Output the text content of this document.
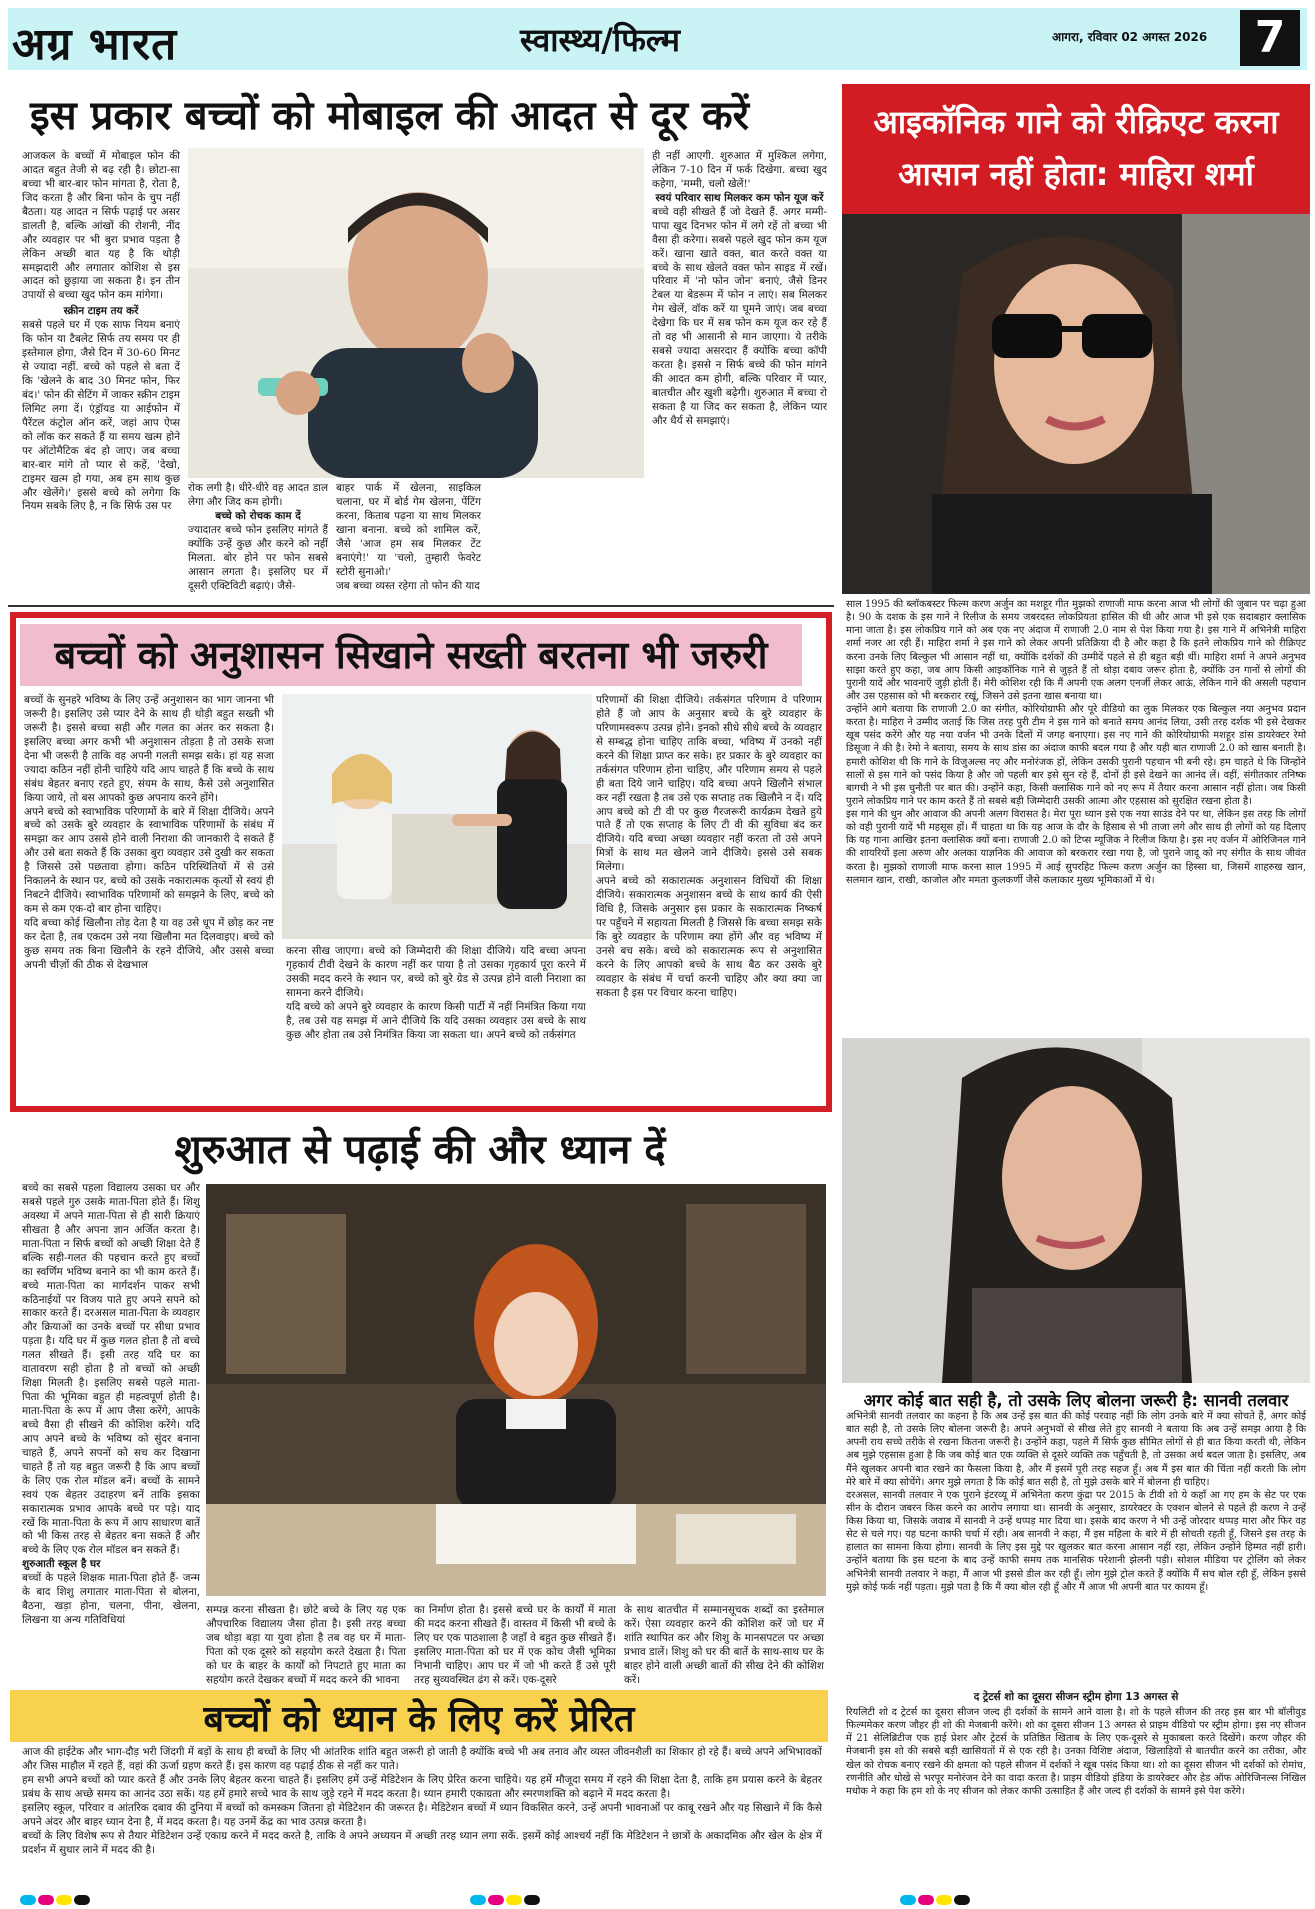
अग्र भारत	स्वास्थ्य/फिल्म	आगरा, रविवार 02 अगस्त 2026	7
इस प्रकार बच्चों को मोबाइल की आदत से दूर करें

आजकल के बच्चों में मोबाइल फोन की आदत बहुत तेजी से बढ़ रही है। छोटा-सा बच्चा भी बार-बार फोन मांगता है, रोता है, जिद करता है और बिना फोन के चुप नहीं बैठता। यह आदत न सिर्फ पढ़ाई पर असर डालती है, बल्कि आंखों की रोशनी, नींद और व्यवहार पर भी बुरा प्रभाव पड़ता है लेकिन अच्छी बात यह है कि थोड़ी समझदारी और लगातार कोशिश से इस आदत को छुड़ाया जा सकता है। इन तीन उपायों से बच्चा खुद फोन कम मांगेगा।

स्क्रीन टाइम तय करें

सबसे पहले घर में एक साफ नियम बनाएं कि फोन या टैबलेट सिर्फ तय समय पर ही इस्तेमाल होगा, जैसे दिन में 30-60 मिनट से ज्यादा नहीं. बच्चे को पहले से बता दें कि 'खेलने के बाद 30 मिनट फोन, फिर बंद।' फोन की सेटिंग में जाकर स्क्रीन टाइम लिमिट लगा दें। एंड्रॉयड या आईफोन में पैरेंटल कंट्रोल ऑन करें, जहां आप ऐप्स को लॉक कर सकते हैं या समय खत्म होने पर ऑटोमैटिक बंद हो जाए। जब बच्चा बार-बार मांगे तो प्यार से कहें, 'देखो, टाइमर खत्म हो गया, अब हम साथ कुछ और खेलेंगे।' इससे बच्चे को लगेगा कि नियम सबके लिए है, न कि सिर्फ उस पर

रोक लगी है। धीरे-धीरे वह आदत डाल लेगा और जिद कम होगी।

बच्चे को रोचक काम दें

ज्यादातर बच्चे फोन इसलिए मांगते हैं क्योंकि उन्हें कुछ और करने को नहीं मिलता. बोर होने पर फोन सबसे आसान लगता है। इसलिए घर में दूसरी एक्टिविटी बढ़ाएं। जैसे-

बाहर पार्क में खेलना, साइकिल चलाना, घर में बोर्ड गेम खेलना, पेंटिंग करना, किताब पढ़ना या साथ मिलकर खाना बनाना. बच्चे को शामिल करें, जैसे 'आज हम सब मिलकर टेंट बनाएंगे!' या 'चलो, तुम्हारी फेवरेट स्टोरी सुनाओ।'

जब बच्चा व्यस्त रहेगा तो फोन की याद

ही नहीं आएगी. शुरुआत में मुश्किल लगेगा, लेकिन 7-10 दिन में फर्क दिखेगा. बच्चा खुद कहेगा, 'मम्मी, चलो खेलें!'

स्वयं परिवार साथ मिलकर कम फोन यूज करें

बच्चे वही सीखते हैं जो देखते हैं. अगर मम्मी-पापा खुद दिनभर फोन में लगे रहें तो बच्चा भी वैसा ही करेगा। सबसे पहले खुद फोन कम यूज करें। खाना खाते वक्त, बात करते वक्त या बच्चे के साथ खेलते वक्त फोन साइड में रखें। परिवार में 'नो फोन जोन' बनाएं, जैसे डिनर टेबल या बेडरूम में फोन न लाएं। सब मिलकर गेम खेलें, वॉक करें या घूमने जाएं। जब बच्चा देखेगा कि घर में सब फोन कम यूज कर रहे हैं तो वह भी आसानी से मान जाएगा। ये तरीके सबसे ज्यादा असरदार हैं क्योंकि बच्चा कॉपी करता है। इससे न सिर्फ बच्चे की फोन मांगने की आदत कम होगी, बल्कि परिवार में प्यार, बातचीत और खुशी बढ़ेगी। शुरुआत में बच्चा रो सकता है या जिद कर सकता है, लेकिन प्यार और धैर्य से समझाएं।

बच्चों को अनुशासन सिखाने सख्ती बरतना भी जरुरी

बच्चों के सुनहरे भविष्य के लिए उन्हें अनुशासन का भाग जानना भी जरूरी है। इसलिए उसे प्यार देने के साथ ही थोड़ी बहुत सख्ती भी जरूरी है। इससे बच्चा सही और गलत का अंतर कर सकता है। इसलिए बच्चा अगर कभी भी अनुशासन तोड़ता है तो उसके सजा देना भी जरूरी है ताकि वह अपनी गलती समझ सके। हां यह सजा ज्यादा कठिन नहीं होनी चाहिये यदि आप चाहते हैं कि बच्चे के साथ संबंध बेहतर बनाए रहते हुए, संयम के साथ, कैसे उसे अनुशासित किया जाये, तो बस आपको कुछ अपनाय करने होंगे।

अपने बच्चे को स्वाभाविक परिणामों के बारे में शिक्षा दीजिये। अपने बच्चे को उसके बुरे व्यवहार के स्वाभाविक परिणामों के संबंध में समझा कर आप उससे होने वाली निराशा की जानकारी दे सकते हैं और उसे बता सकते हैं कि उसका बुरा व्यवहार उसे दुखी कर सकता है जिससे उसे पछतावा होगा। कठिन परिस्थितियों में से उसे निकालने के स्थान पर, बच्चे को उसके नकारात्मक कृत्यों से स्वयं ही निबटने दीजिये। स्वाभाविक परिणामों को समझने के लिए, बच्चे को कम से कम एक-दो बार होना चाहिए।

यदि बच्चा कोई खिलौना तोड़ देता है या वह उसे धूप में छोड़ कर नष्ट कर देता है, तब एकदम उसे नया खिलौना मत दिलवाइए। बच्चे को कुछ समय तक बिना खिलौने के रहने दीजिये, और उससे बच्चा अपनी चीज़ों की ठीक से देखभाल

करना सीख जाएगा। बच्चे को जिम्मेदारी की शिक्षा दीजिये। यदि बच्चा अपना गृहकार्य टीवी देखने के कारण नहीं कर पाया है तो उसका गृहकार्य पूरा करने में उसकी मदद करने के स्थान पर, बच्चे को बुरे ग्रेड से उत्पन्न होने वाली निराशा का सामना करने दीजिये।

यदि बच्चे को अपने बुरे व्यवहार के कारण किसी पार्टी में नहीं निमंत्रित किया गया है, तब उसे यह समझ में आने दीजिये कि यदि उसका व्यवहार उस बच्चे के साथ कुछ और होता तब उसे निमंत्रित किया जा सकता था। अपने बच्चे को तर्कसंगत

परिणामों की शिक्षा दीजिये। तर्कसंगत परिणाम वे परिणाम होते हैं जो आप के अनुसार बच्चे के बुरे व्यवहार के परिणामस्वरूप उत्पन्न होने। इनको सीधे सीधे बच्चे के व्यवहार से सम्बद्ध होना चाहिए ताकि बच्चा, भविष्य में उनको नहीं करने की शिक्षा प्राप्त कर सके। हर प्रकार के बुरे व्यवहार का तर्कसंगत परिणाम होना चाहिए, और परिणाम समय से पहले ही बता दिये जाने चाहिए। यदि बच्चा अपने खिलौने संभाल कर नहीं रखता है तब उसे एक सप्ताह तक खिलौने न दें। यदि आप बच्चे को टी वी पर कुछ गैरजरूरी कार्यक्रम देखते हुये पाते हैं तो एक सप्ताह के लिए टी वी की सुविधा बंद कर दीजिये। यदि बच्चा अच्छा व्यवहार नहीं करता तो उसे अपने मित्रों के साथ मत खेलने जाने दीजिये। इससे उसे सबक मिलेगा।

अपने बच्चे को सकारात्मक अनुशासन विधियों की शिक्षा दीजिये। सकारात्मक अनुशासन बच्चे के साथ कार्य की ऐसी विधि है, जिसके अनुसार इस प्रकार के सकारात्मक निष्कर्ष पर पहुँचने में सहायता मिलती है जिससे कि बच्चा समझ सके कि बुरे व्यवहार के परिणाम क्या होंगे और वह भविष्य में उनसे बच सके। बच्चे को सकारात्मक रूप से अनुशासित करने के लिए आपको बच्चे के साथ बैठ कर उसके बुरे व्यवहार के संबंध में चर्चा करनी चाहिए और क्या क्या जा सकता है इस पर विचार करना चाहिए।

शुरुआत से पढ़ाई की और ध्यान दें

बच्चे का सबसे पहला विद्यालय उसका घर और सबसे पहले गुरु उसके माता-पिता होते हैं। शिशु अवस्था में अपने माता-पिता से ही सारी क्रियाएं सीखता है और अपना ज्ञान अर्जित करता है। माता-पिता न सिर्फ बच्चों को अच्छी शिक्षा देते हैं बल्कि सही-गलत की पहचान करते हुए बच्चों का स्वर्णिम भविष्य बनाने का भी काम करते हैं। बच्चे माता-पिता का मार्गदर्शन पाकर सभी कठिनाईयों पर विजय पाते हुए अपने सपने को साकार करते हैं। दरअसल माता-पिता के व्यवहार और क्रियाओं का उनके बच्चों पर सीधा प्रभाव पड़ता है। यदि घर में कुछ गलत होता है तो बच्चे गलत सीखते हैं। इसी तरह यदि घर का वातावरण सही होता है तो बच्चों को अच्छी शिक्षा मिलती है। इसलिए सबसे पहले माता-पिता की भूमिका बहुत ही महत्वपूर्ण होती है। माता-पिता के रूप में आप जैसा करेंगे, आपके बच्चे वैसा ही सीखने की कोशिश करेंगे। यदि आप अपने बच्चे के भविष्य को सुंदर बनाना चाहते हैं, अपने सपनों को सच कर दिखाना चाहते हैं तो यह बहुत जरूरी है कि आप बच्चों के लिए एक रोल मॉडल बनें। बच्चों के सामने स्वयं एक बेहतर उदाहरण बनें ताकि इसका सकारात्मक प्रभाव आपके बच्चे पर पड़े। याद रखें कि माता-पिता के रूप में आप साधारण बातें को भी किस तरह से बेहतर बना सकते हैं और बच्चे के लिए एक रोल मॉडल बन सकते हैं।

शुरुआती स्कूल है घर

बच्चों के पहले शिक्षक माता-पिता होते हैं- जन्म के बाद शिशु लगातार माता-पिता से बोलना, बैठना, खड़ा होना, चलना, पीना, खेलना, लिखना या अन्य गतिविधियां

सम्पन्न करना सीखता है। छोटे बच्चे के लिए यह एक औपचारिक विद्यालय जैसा होता है। इसी तरह बच्चा जब थोड़ा बड़ा या युवा होता है तब वह घर में माता-पिता को एक दूसरे को सहयोग करते देखता है। पिता को घर के बाहर के कार्यों को निपटाते हुए माता का सहयोग करते देखकर बच्चों में मदद करने की भावना

का निर्माण होता है। इससे बच्चे घर के कार्यों में माता की मदद करना सीखते हैं। वास्तव में किसी भी बच्चे के लिए घर एक पाठशाला है जहाँ वे बहुत कुछ सीखते हैं। इसलिए माता-पिता को घर में एक कोच जैसी भूमिका निभानी चाहिए। आप घर में जो भी करते हैं उसे पूरी तरह सुव्यवस्थित ढंग से करें। एक-दूसरे

के साथ बातचीत में सम्मानसूचक शब्दों का इस्तेमाल करें। ऐसा व्यवहार करने की कोशिश करें जो घर में शांति स्थापित कर और शिशु के मानसपटल पर अच्छा प्रभाव डालें। शिशु को घर की बातें के साथ-साथ घर के बाहर होने वाली अच्छी बातों की सीख देने की कोशिश करें।

बच्चों को ध्यान के लिए करें प्रेरित

आज की हाईटेक और भाग-दौड़ भरी जिंदगी में बड़ों के साथ ही बच्चों के लिए भी आंतरिक शांति बहुत जरूरी हो जाती है क्योंकि बच्चे भी अब तनाव और व्यस्त जीवनशैली का शिकार हो रहे हैं। बच्चे अपने अभिभावकों और जिस माहौल में रहते हैं, वहां की ऊर्जा ग्रहण करते हैं। इस कारण वह पढ़ाई ठीक से नहीं कर पाते।

हम सभी अपने बच्चों को प्यार करते हैं और उनके लिए बेहतर करना चाहते हैं। इसलिए हमें उन्हें मेडिटेशन के लिए प्रेरित करना चाहिये। यह हमें मौजूदा समय में रहने की शिक्षा देता है, ताकि हम प्रयास करने के बेहतर प्रबंध के साथ अच्छे समय का आनंद उठा सकें। यह हमें हमारे सच्चे भाव के साथ जुड़े रहने में मदद करता है। ध्यान हमारी एकाग्रता और स्मरणशक्ति को बढ़ाने में मदद करता है।

इसलिए स्कूल, परिवार व आंतरिक दबाव की दुनिया में बच्चों को कमस्कम जितना हो मेडिटेशन की जरूरत है। मेडिटेशन बच्चों में ध्यान विकसित करने, उन्हें अपनी भावनाओं पर काबू रखने और यह सिखाने में कि कैसे अपने अंदर और बाहर ध्यान देना है, में मदद करता है। यह उनमें केंद्र का भाव उत्पन्न करता है।

बच्चों के लिए विशेष रूप से तैयार मेडिटेशन उन्हें एकाग्र करने में मदद करते है, ताकि वे अपने अध्ययन में अच्छी तरह ध्यान लगा सकें. इसमें कोई आश्चर्य नहीं कि मेडिटेशन ने छात्रों के अकादमिक और खेल के क्षेत्र में प्रदर्शन में सुधार लाने में मदद की है।

आइकॉनिक गाने को रीक्रिएट करना आसान नहीं होता: माहिरा शर्मा

साल 1995 की ब्लॉकबस्टर फिल्म करण अर्जुन का मशहूर गीत मुझको राणाजी माफ करना आज भी लोगों की जुबान पर चढ़ा हुआ है। 90 के दशक के इस गाने ने रिलीज के समय जबरदस्त लोकप्रियता हासिल की थी और आज भी इसे एक सदाबहार क्लासिक माना जाता है। इस लोकप्रिय गाने को अब एक नए अंदाज में राणाजी 2.0 नाम से पेश किया गया है। इस गाने में अभिनेत्री माहिरा शर्मा नजर आ रही हैं। माहिरा शर्मा ने इस गाने को लेकर अपनी प्रतिक्रिया दी है और कहा है कि इतने लोकप्रिय गाने को रीक्रिएट करना उनके लिए बिल्कुल भी आसान नहीं था, क्योंकि दर्शकों की उम्मीदें पहले से ही बहुत बड़ी थीं। माहिरा शर्मा ने अपने अनुभव साझा करते हुए कहा, जब आप किसी आइकॉनिक गाने से जुड़ते हैं तो थोड़ा दबाव जरूर होता है, क्योंकि उन गानों से लोगों की पुरानी यादें और भावनाएँ जुड़ी होती हैं। मेरी कोशिश रही कि मैं अपनी एक अलग एनर्जी लेकर आऊं, लेकिन गाने की असली पहचान और उस एहसास को भी बरकरार रखूं, जिसने उसे इतना खास बनाया था।

उन्होंने आगे बताया कि राणाजी 2.0 का संगीत, कोरियोग्राफी और पूरे वीडियो का लुक मिलकर एक बिल्कुल नया अनुभव प्रदान करता है। माहिरा ने उम्मीद जताई कि जिस तरह पुरी टीम ने इस गाने को बनाते समय आनंद लिया, उसी तरह दर्शक भी इसे देखकर खूब पसंद करेंगे और यह नया वर्जन भी उनके दिलों में जगह बनाएगा। इस नए गाने की कोरियोग्राफी मशहूर डांस डायरेक्टर रेमो डिसूजा ने की है। रेमो ने बताया, समय के साथ डांस का अंदाज काफी बदल गया है और यही बात राणाजी 2.0 को खास बनाती है। हमारी कोशिश थी कि गाने के विजुअल्स नए और मनोरंजक हों, लेकिन उसकी पुरानी पहचान भी बनी रहे। हम चाहते थे कि जिन्होंने सालों से इस गाने को पसंद किया है और जो पहली बार इसे सुन रहे हैं, दोनों ही इसे देखने का आनंद लें। वहीं, संगीतकार तनिष्क बागची ने भी इस चुनौती पर बात की। उन्होंने कहा, किसी क्लासिक गाने को नए रूप में तैयार करना आसान नहीं होता। जब किसी पुराने लोकप्रिय गाने पर काम करते हैं तो सबसे बड़ी जिम्मेदारी उसकी आत्मा और एहसास को सुरक्षित रखना होता है।

इस गाने की धुन और आवाज की अपनी अलग विरासत है। मेरा पूरा ध्यान इसे एक नया साउंड देने पर था, लेकिन इस तरह कि लोगों को वही पुरानी यादें भी महसूस हों। मैं चाहता था कि यह आज के दौर के हिसाब से भी ताजा लगे और साथ ही लोगों को यह दिलाए कि यह गाना आखिर इतना क्लासिक क्यों बना। राणाजी 2.0 को टिप्स म्यूजिक ने रिलीज किया है। इस नए वर्जन में ओरिजिनल गाने की शायरियों इला अरुण और अलका याज्ञनिक की आवाज को बरकरार रखा गया है, जो पुराने जादू को नए संगीत के साथ जीवंत करता है। मुझको राणाजी माफ करना साल 1995 में आई सुपरहिट फिल्म करण अर्जुन का हिस्सा था, जिसमें शाहरुख खान, सलमान खान, राखी, काजोल और ममता कुलकर्णी जैसे कलाकार मुख्य भूमिकाओं में थे।

अगर कोई बात सही है, तो उसके लिए बोलना जरूरी है: सानवी तलवार

अभिनेत्री सानवी तलवार का कहना है कि अब उन्हें इस बात की कोई परवाह नहीं कि लोग उनके बारे में क्या सोचते हैं, अगर कोई बात सही है, तो उसके लिए बोलना जरूरी है। अपने अनुभवों से सीख लेते हुए सानवी ने बताया कि अब उन्हें समझ आया है कि अपनी राय सच्चे तरीके से रखना कितना जरूरी है। उन्होंने कहा, पहले मैं सिर्फ कुछ सीमित लोगों से ही बात किया करती थी, लेकिन अब मुझे एहसास हुआ है कि जब कोई बात एक व्यक्ति से दूसरे व्यक्ति तक पहुँचती है, तो उसका अर्थ बदल जाता है। इसलिए, अब मैंने खुलकर अपनी बात रखने का फैसला किया है, और मैं इसमें पूरी तरह सहज हूँ। अब मैं इस बात की चिंता नहीं करती कि लोग मेरे बारे में क्या सोचेंगे। अगर मुझे लगता है कि कोई बात सही है, तो मुझे उसके बारे में बोलना ही चाहिए।

दरअसल, सानवी तलवार ने एक पुराने इंटरव्यू में अभिनेता करण कुंद्रा पर 2015 के टीवी शो ये कहाँ आ गए हम के सेट पर एक सीन के दौरान जबरन किस करने का आरोप लगाया था। सानवी के अनुसार, डायरेक्टर के एक्शन बोलने से पहले ही करण ने उन्हें किस किया था, जिसके जवाब में सानवी ने उन्हें थप्पड़ मार दिया था। इसके बाद करण ने भी उन्हें जोरदार थप्पड़ मारा और फिर वह सेट से चले गए। यह घटना काफी चर्चा में रही। अब सानवी ने कहा, मैं इस महिला के बारे में ही सोचती रहती हूँ, जिसने इस तरह के हालात का सामना किया होगा। सानवी के लिए इस मुद्दे पर खुलकर बात करना आसान नहीं रहा, लेकिन उन्होंने हिम्मत नहीं हारी। उन्होंने बताया कि इस घटना के बाद उन्हें काफी समय तक मानसिक परेशानी झेलनी पड़ी। सोशल मीडिया पर ट्रोलिंग को लेकर अभिनेत्री सानवी तलवार ने कहा, मैं आज भी इससे डील कर रही हूँ। लोग मुझे ट्रोल करते हैं क्योंकि मैं सच बोल रही हूँ, लेकिन इससे मुझे कोई फर्क नहीं पड़ता। मुझे पता है कि मैं क्या बोल रही हूँ और मैं आज भी अपनी बात पर कायम हूँ।

द ट्रेटर्स शो का दूसरा सीजन स्ट्रीम होगा 13 अगस्त से

रियलिटी शो द ट्रेटर्स का दूसरा सीजन जल्द ही दर्शकों के सामने आने वाला है। शो के पहले सीजन की तरह इस बार भी बॉलीवुड फिल्ममेकर करण जौहर ही शो की मेजबानी करेंगे। शो का दूसरा सीजन 13 अगस्त से प्राइम वीडियो पर स्ट्रीम होगा। इस नए सीजन में 21 सेलिब्रिटीज एक हाई प्रेशर और ट्रेटर्स के प्रतिष्ठित खिताब के लिए एक-दूसरे से मुकाबला करते दिखेंगे। करण जौहर की मेजबानी इस शो की सबसे बड़ी खासियतों में से एक रही है। उनका विशिष्ट अंदाज, खिलाड़ियों से बातचीत करने का तरीका, और खेल को रोचक बनाए रखने की क्षमता को पहले सीजन में दर्शकों ने खूब पसंद किया था। शो का दूसरा सीजन भी दर्शकों को रोमांच, रणनीति और धोखे से भरपूर मनोरंजन देने का वादा करता है। प्राइम वीडियो इंडिया के डायरेक्टर और हेड ऑफ ओरिजिनल्स निखिल मधोक ने कहा कि हम शो के नए सीजन को लेकर काफी उत्साहित हैं और जल्द ही दर्शकों के सामने इसे पेश करेंगे।
